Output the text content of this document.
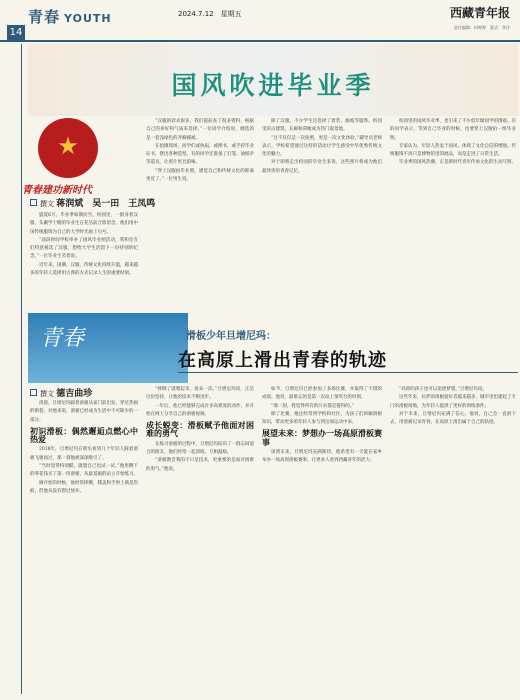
青春 YOUTH	2024.7.12　星期五	西藏青年报
责任编辑：何婷婷　版式：李洋
14
国风吹进毕业季
★
青春建功新时代
撰文 蒋润斌　吴一田　王凤鸣

盛夏6月，毕业季如期而至。校园里，一群身着汉服、头戴学士帽的毕业生在花丛前合影留念，他们用中国传统服饰为自己的大学时光画上句号。

“前段时间学校举办了国风毕业照活动，我和室友们特意挑选了汉服，想给大学生活留下一份特别的纪念。”一位毕业生笑着说。

近年来，国潮、汉服、传统文化持续升温，越来越多的年轻人选择用古典的方式记录人生的重要时刻。

“汉服的款式很多，我们提前查了很多资料，根据自己的喜好和气质来选择。”一位同学介绍说，她选的是一套浅绿色的齐胸襦裙。

在拍摄现场，同学们或执扇，或捧书，或手持毕业证书，摆出各种造型。有的同学还准备了灯笼、油纸伞等道具，让照片更具韵味。

“穿上汉服拍毕业照，感觉自己和传统文化的距离更近了。”一位男生说。

除了汉服，不少学生还选择了唐装、旗袍等服饰。校园里的古建筑、长廊和荷塘成为热门取景地。

“这不仅仅是一次拍照，更是一次文化体验。”辅导员老师表示，学校希望通过这样的活动让学生感受中华优秀传统文化的魅力。

对于即将走出校园的毕业生来说，这些照片将成为他们最珍贵的青春记忆。

校园里的国风毕业季，也引来了不少低年级同学的围观。有的同学表示，等到自己毕业的时候，也要穿上汉服拍一组毕业照。

专家认为，年轻人热衷于国风，体现了文化自信的增强。传统服饰不再只是博物馆里的展品，而是走进了日常生活。

毕业季的国风热潮，正是新时代青年传承文化的生动写照。

青春	滑板少年旦增尼玛：
在高原上滑出青春的轨迹
撰文 德吉曲珍

清晨，旦增尼玛踩着滑板从家门前出发，穿过热闹的街巷。对他来说，滑板已经成为生活中不可缺少的一部分。

初识滑板：偶然邂逅点燃心中热爱

2018年，旦增尼玛在街头看到几个年轻人踩着滑板飞驰而过，那一刻他被深深吸引了。

“当时觉得特别酷，就想自己也试一试。”他用攒下的零花钱买了第一块滑板，从最基础的站立开始练习。

刚开始的时候，他经常摔倒，膝盖和手肘上满是伤痕，但他从没有想过放弃。

“摔倒了就爬起来，再来一次。”旦增尼玛说，正是这份坚持，让他的技术不断进步。

一年后，他已经能够完成许多高难度的动作，并开始在网上分享自己的滑板视频。

成长蜕变：滑板赋予他面对困难的勇气

在练习滑板的过程中，旦增尼玛结识了一群志同道合的朋友。他们经常一起训练，互相鼓励。

“滑板教会我的不只是技术，更重要的是面对困难的勇气。”他说。

如今，旦增尼玛已经参加了多场比赛，并取得了不错的成绩。他说，最难忘的是第一次站上领奖台的时刻。

“那一刻，我觉得所有的汗水都是值得的。”

除了比赛，他还经常到学校和社区，为孩子们讲解滑板知识，带动更多的年轻人参与到这项运动中来。

展望未来：梦想办一场高原滑板赛事

谈到未来，旦增尼玛充满期待。他希望有一天能在家乡举办一场高原滑板赛事，让更多人看到西藏青年的活力。

“高原的孩子也可以追逐梦想。”旦增尼玛说。

这些年来，拉萨的滑板爱好者越来越多，城市里也建起了专门的滑板场地，为年轻人提供了更好的训练条件。

对于未来，旦增尼玛充满了信心。他说，自己会一直滑下去，用滑板记录青春，在高原上滑出属于自己的轨迹。
